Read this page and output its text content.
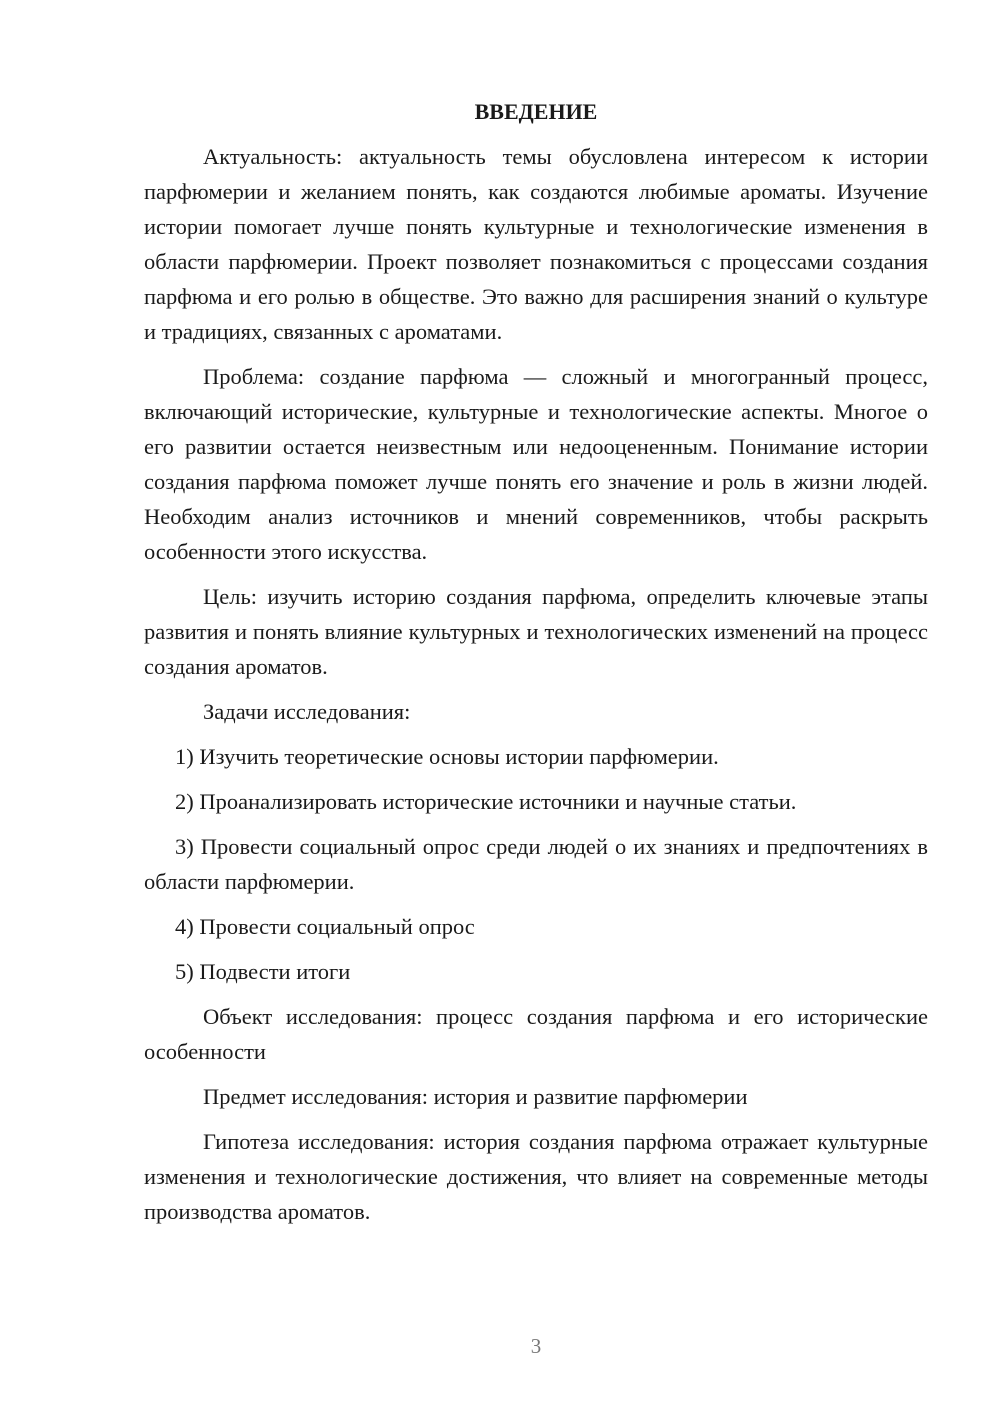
ВВЕДЕНИЕ

Актуальность: актуальность темы обусловлена интересом к истории парфюмерии и желанием понять, как создаются любимые ароматы. Изучение истории помогает лучше понять культурные и технологические изменения в области парфюмерии. Проект позволяет познакомиться с процессами создания парфюма и его ролью в обществе. Это важно для расширения знаний о культуре и традициях, связанных с ароматами.

Проблема: создание парфюма — сложный и многогранный процесс, включающий исторические, культурные и технологические аспекты. Многое о его развитии остается неизвестным или недооцененным. Понимание истории создания парфюма поможет лучше понять его значение и роль в жизни людей. Необходим анализ источников и мнений современников, чтобы раскрыть особенности этого искусства.

Цель: изучить историю создания парфюма, определить ключевые этапы развития и понять влияние культурных и технологических изменений на процесс создания ароматов.

Задачи исследования:

1) Изучить теоретические основы истории парфюмерии.

2) Проанализировать исторические источники и научные статьи.

3) Провести социальный опрос среди людей о их знаниях и предпочтениях в области парфюмерии.

4) Провести социальный опрос

5) Подвести итоги

Объект исследования: процесс создания парфюма и его исторические особенности

Предмет исследования: история и развитие парфюмерии

Гипотеза исследования: история создания парфюма отражает культурные изменения и технологические достижения, что влияет на современные методы производства ароматов.

3
